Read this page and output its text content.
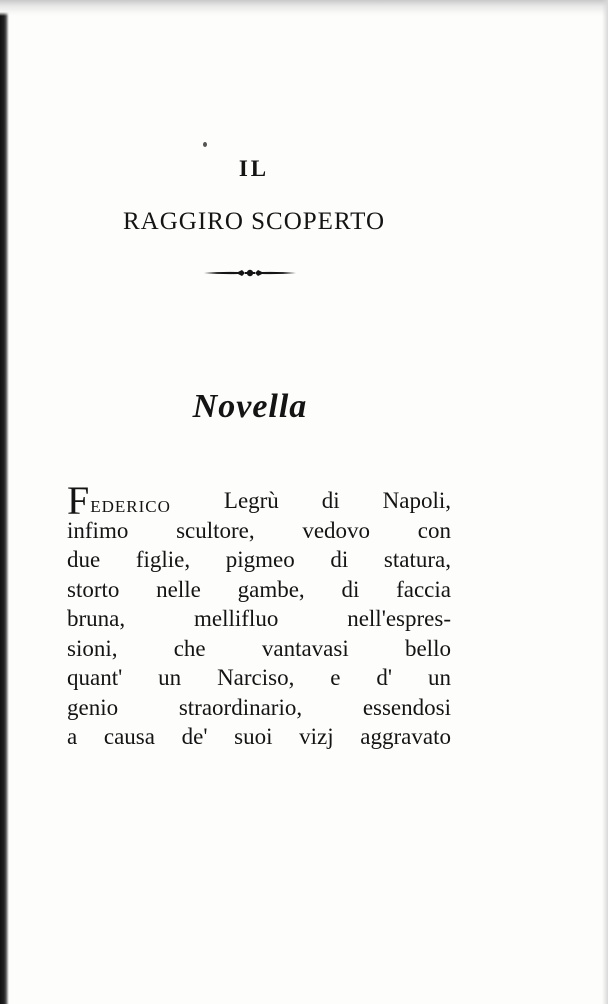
IL
RAGGIRO SCOPERTO
Novella
FEDERICO	Legrù di Napoli,
infimo scultore, vedovo con
due figlie, pigmeo di statura,
storto nelle gambe, di faccia
bruna,	mellifluo	nell'espres-
sioni, che vantavasi bello
quant' un Narciso, e d' un
genio	straordinario,	essendosi
a causa de' suoi vizj aggravato
